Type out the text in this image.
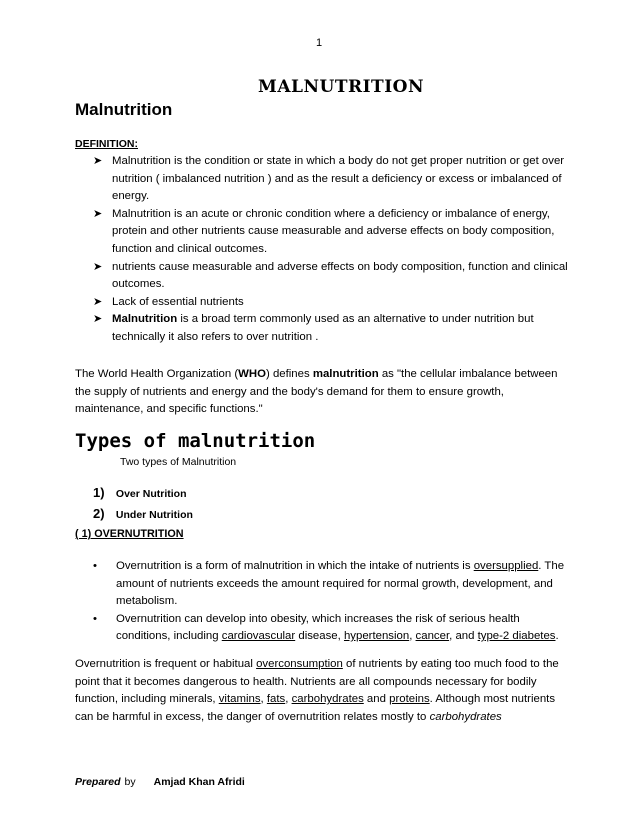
1
MALNUTRITION
Malnutrition
DEFINITION:
➤ Malnutrition is the condition or state in which a body do not get proper nutrition or get over nutrition ( imbalanced nutrition ) and as the result a deficiency or excess or imbalanced of energy.
➤ Malnutrition is an acute or chronic condition where a deficiency or imbalance of energy, protein and other nutrients cause measurable and adverse effects on body composition, function and clinical outcomes.
➤ nutrients cause measurable and adverse effects on body composition, function and clinical outcomes.
➤ Lack of essential nutrients
➤ Malnutrition is a broad term commonly used as an alternative to under nutrition but technically it also refers to over nutrition .
The World Health Organization (WHO) defines malnutrition as "the cellular imbalance between the supply of nutrients and energy and the body's demand for them to ensure growth, maintenance, and specific functions."
Types of malnutrition
Two types of Malnutrition
1) Over Nutrition
2) Under Nutrition
( 1) OVERNUTRITION
• Overnutrition is a form of malnutrition in which the intake of nutrients is oversupplied. The amount of nutrients exceeds the amount required for normal growth, development, and metabolism.
• Overnutrition can develop into obesity, which increases the risk of serious health conditions, including cardiovascular disease, hypertension, cancer, and type-2 diabetes.
Overnutrition is frequent or habitual overconsumption of nutrients by eating too much food to the point that it becomes dangerous to health. Nutrients are all compounds necessary for bodily function, including minerals, vitamins, fats, carbohydrates and proteins. Although most nutrients can be harmful in excess, the danger of overnutrition relates mostly to carbohydrates
Prepared by Amjad Khan Afridi
